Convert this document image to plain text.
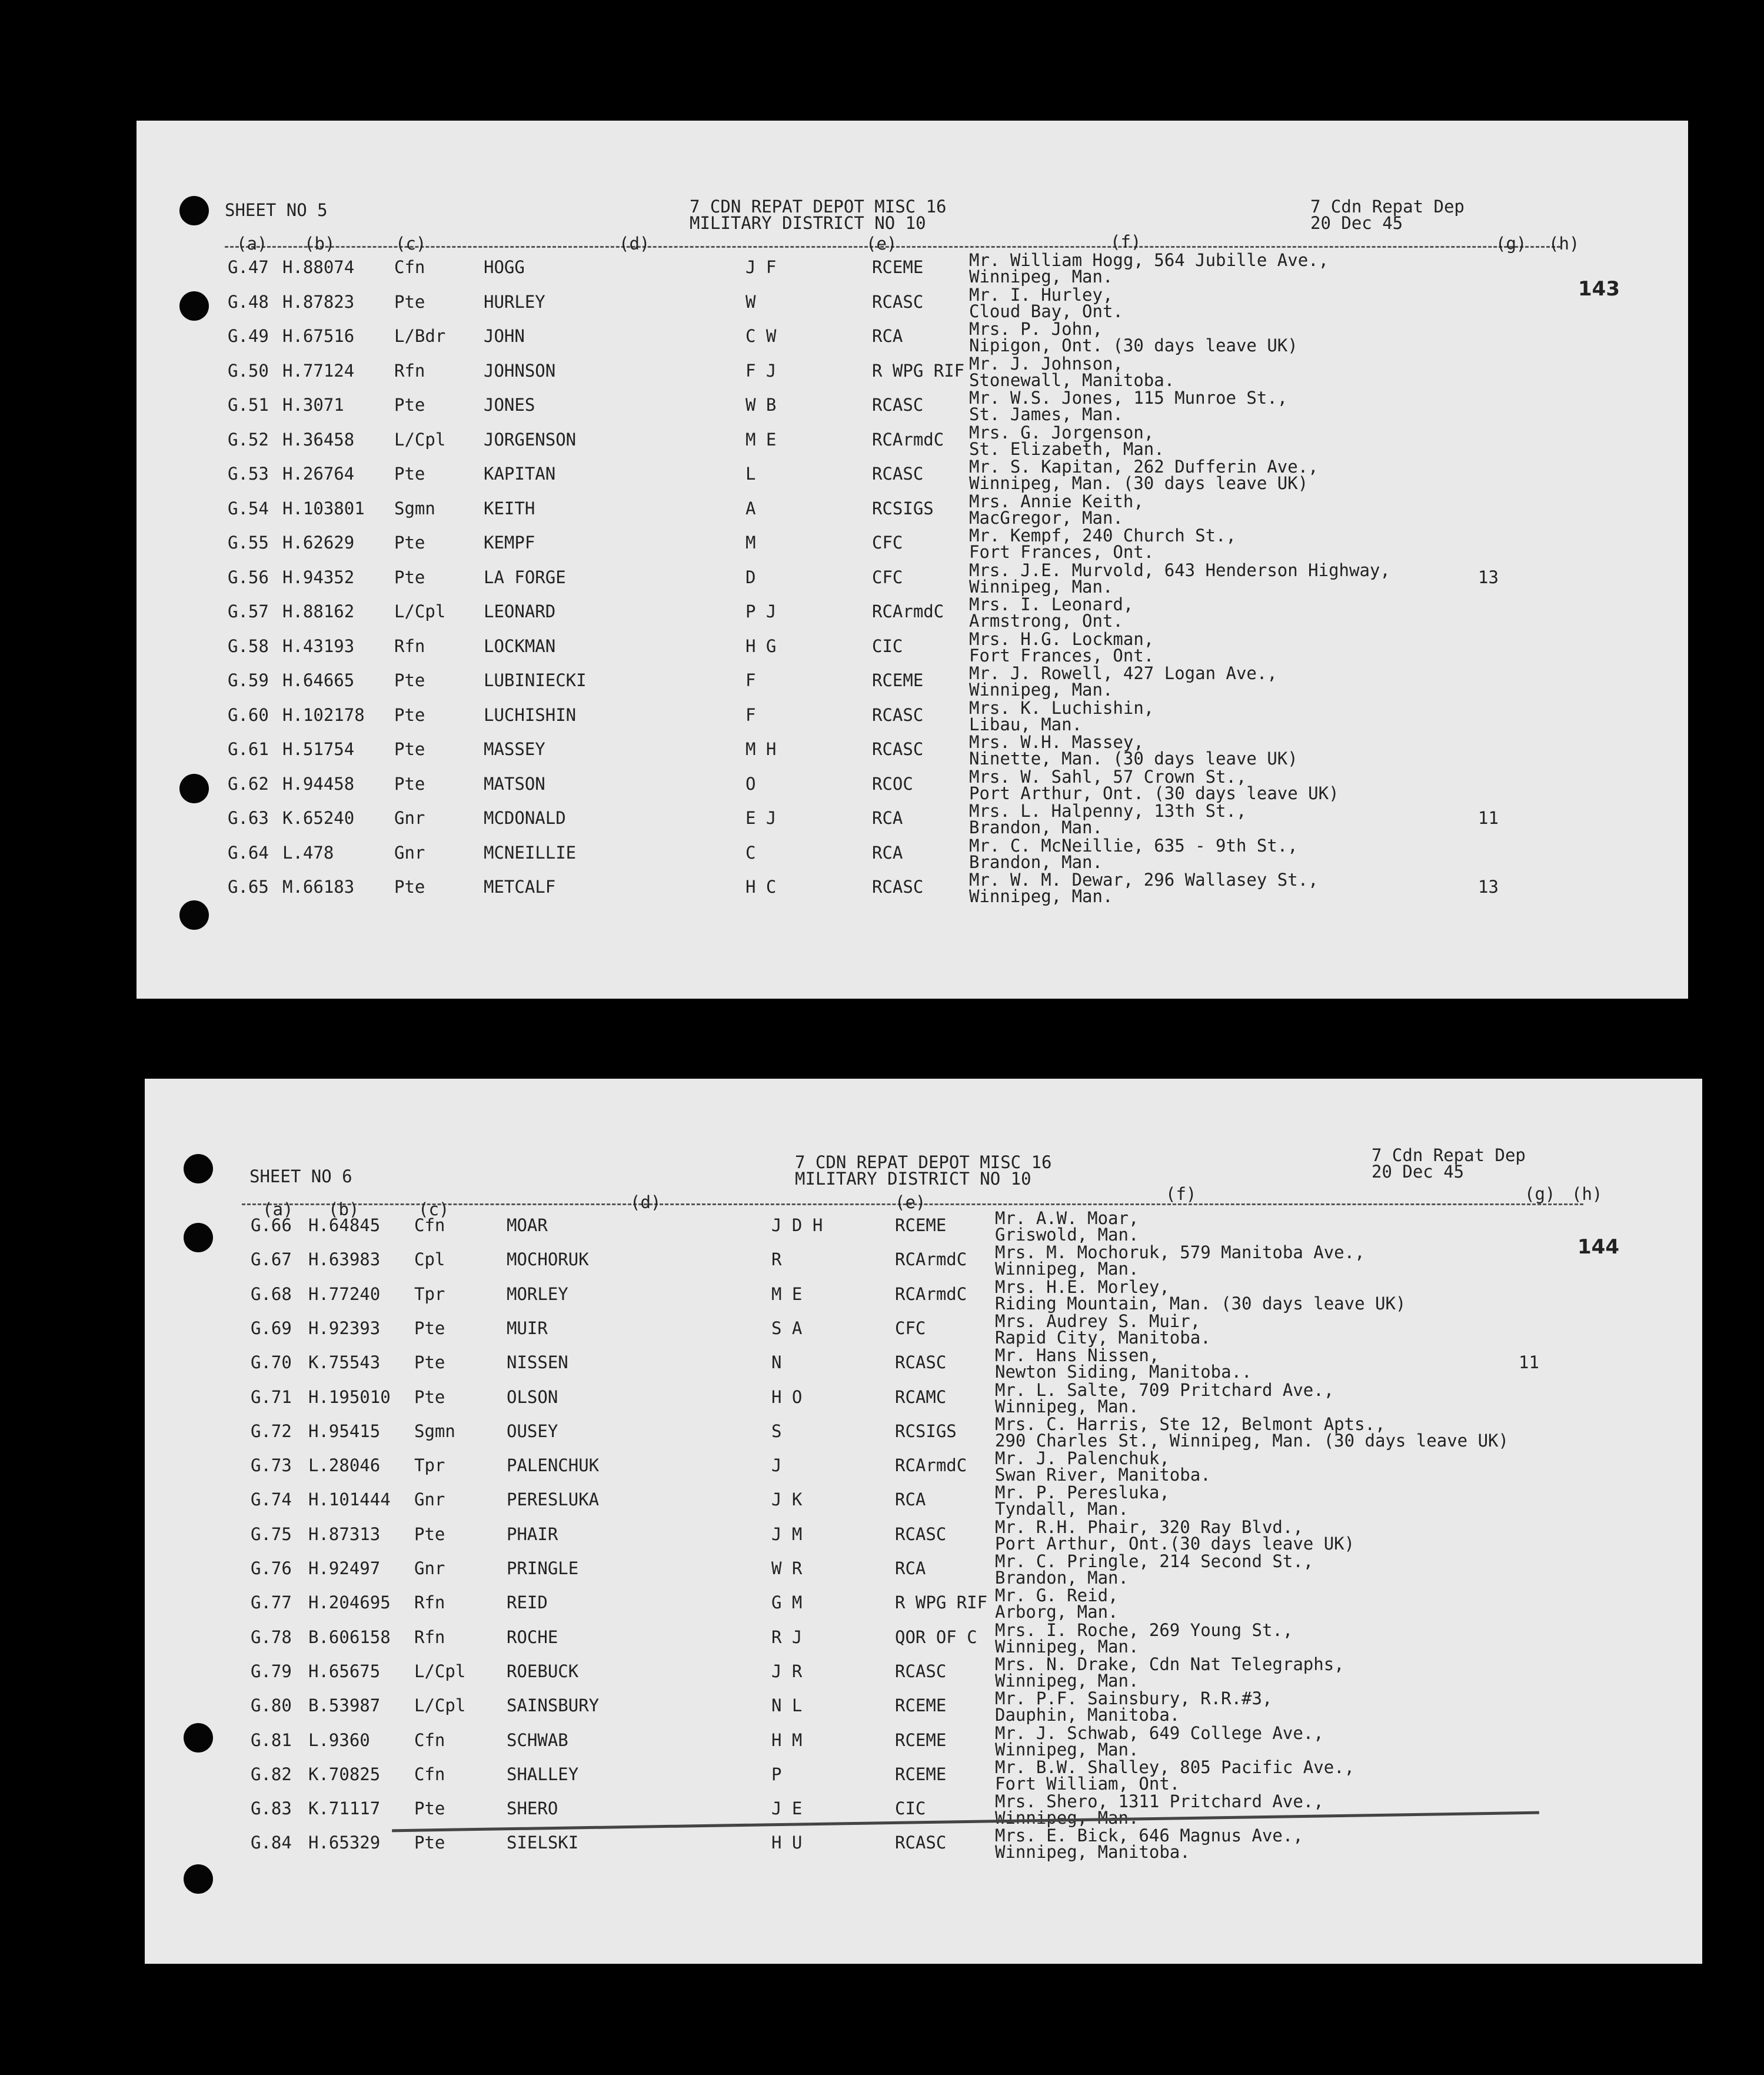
SHEET NO 5	7 CDN REPAT DEPOT MISC 16
MILITARY DISTRICT NO 10
7 Cdn Repat Dep
20 Dec 45
143
(a) (b)	(c)	(d)	(e)	(f)	(g) (h)
G.47 H.88074 Cfn	HOGG	J F	RCEME	Mr. William Hogg, 564 Jubille Ave.,
Winnipeg, Man.
G.48 H.87823 Pte	HURLEY	W	RCASC	Mr. I. Hurley,
Cloud Bay, Ont.
G.49 H.67516 L/Bdr JOHN	C W	RCA	Mrs. P. John,
Nipigon, Ont. (30 days leave UK)
G.50 H.77124 Rfn	JOHNSON	F J	R WPG RIF Mr. J. Johnson,
Stonewall, Manitoba.
G.51 H.3071	Pte	JONES	W B	RCASC	Mr. W.S. Jones, 115 Munroe St.,
St. James, Man.
G.52 H.36458 L/Cpl JORGENSON	M E	RCArmdC Mrs. G. Jorgenson,
St. Elizabeth, Man.
G.53 H.26764 Pte	KAPITAN	L	RCASC	Mr. S. Kapitan, 262 Dufferin Ave.,
Winnipeg, Man. (30 days leave UK)
G.54 H.103801 Sgmn	KEITH	A	RCSIGS Mrs. Annie Keith,
MacGregor, Man.
G.55 H.62629 Pte	KEMPF	M	CFC	Mr. Kempf, 240 Church St.,
Fort Frances, Ont.
G.56 H.94352 Pte	LA FORGE	D	CFC	Mrs. J.E. Murvold, 643 Henderson Highway,
Winnipeg, Man.	13
G.57 H.88162 L/Cpl LEONARD	P J	RCArmdC Mrs. I. Leonard,
Armstrong, Ont.
G.58 H.43193 Rfn	LOCKMAN	H G	CIC	Mrs. H.G. Lockman,
Fort Frances, Ont.
G.59 H.64665 Pte	LUBINIECKI	F	RCEME	Mr. J. Rowell, 427 Logan Ave.,
Winnipeg, Man.
G.60 H.102178 Pte	LUCHISHIN	F	RCASC	Mrs. K. Luchishin,
Libau, Man.
G.61 H.51754 Pte	MASSEY	M H	RCASC	Mrs. W.H. Massey,
Ninette, Man. (30 days leave UK)
G.62 H.94458 Pte	MATSON	O	RCOC	Mrs. W. Sahl, 57 Crown St.,
Port Arthur, Ont. (30 days leave UK)
G.63 K.65240 Gnr	MCDONALD	E J	RCA	Mrs. L. Halpenny, 13th St.,
Brandon, Man.	11
G.64 L.478	Gnr	MCNEILLIE	C	RCA	Mr. C. McNeillie, 635 - 9th St.,
Brandon, Man.
G.65 M.66183 Pte	METCALF	H C	RCASC	Mr. W. M. Dewar, 296 Wallasey St.,
Winnipeg, Man.	13
SHEET NO 6
7 CDN REPAT DEPOT MISC 16
MILITARY DISTRICT NO 10
7 Cdn Repat Dep
20 Dec 45
144
(a) (b)	(c)	(d)	(e)	(f)	(g) (h)
G.66 H.64845 Cfn	MOAR	J D H	RCEME	Mr. A.W. Moar,
Griswold, Man.
G.67 H.63983 Cpl	MOCHORUK	R	RCArmdC Mrs. M. Mochoruk, 579 Manitoba Ave.,
Winnipeg, Man.
G.68 H.77240 Tpr	MORLEY	M E	RCArmdC Mrs. H.E. Morley,
Riding Mountain, Man. (30 days leave UK)
G.69 H.92393 Pte	MUIR	S A	CFC	Mrs. Audrey S. Muir,
Rapid City, Manitoba.
G.70 K.75543 Pte	NISSEN	N	RCASC	Mr. Hans Nissen,
Newton Siding, Manitoba..	11
G.71 H.195010 Pte	OLSON	H O	RCAMC	Mr. L. Salte, 709 Pritchard Ave.,
Winnipeg, Man.
G.72 H.95415 Sgmn	OUSEY	S	RCSIGS Mrs. C. Harris, Ste 12, Belmont Apts.,
290 Charles St., Winnipeg, Man. (30 days leave UK)
G.73 L.28046 Tpr	PALENCHUK	J	RCArmdC Mr. J. Palenchuk,
Swan River, Manitoba.
G.74 H.101444 Gnr	PERESLUKA	J K	RCA	Mr. P. Peresluka,
Tyndall, Man.
G.75 H.87313 Pte	PHAIR	J M	RCASC	Mr. R.H. Phair, 320 Ray Blvd.,
Port Arthur, Ont.(30 days leave UK)
G.76 H.92497 Gnr	PRINGLE	W R	RCA	Mr. C. Pringle, 214 Second St.,
Brandon, Man.
G.77 H.204695 Rfn	REID	G M	R WPG RIF Mr. G. Reid,
Arborg, Man.
G.78 B.606158 Rfn	ROCHE	R J	QOR OF C Mrs. I. Roche, 269 Young St.,
Winnipeg, Man.
G.79 H.65675 L/Cpl ROEBUCK	J R	RCASC	Mrs. N. Drake, Cdn Nat Telegraphs,
Winnipeg, Man.
G.80 B.53987 L/Cpl SAINSBURY	N L	RCEME	Mr. P.F. Sainsbury, R.R.#3,
Dauphin, Manitoba.
G.81 L.9360	Cfn	SCHWAB	H M	RCEME	Mr. J. Schwab, 649 College Ave.,
Winnipeg, Man.
G.82 K.70825 Cfn	SHALLEY	P	RCEME	Mr. B.W. Shalley, 805 Pacific Ave.,
Fort William, Ont.
G.83 K.71117 Pte	SHERO	J E	CIC	Mrs. Shero, 1311 Pritchard Ave.,
Winnipeg, Man.
G.84 H.65329 Pte	SIELSKI	H U	RCASC	Mrs. E. Bick, 646 Magnus Ave.,
Winnipeg, Manitoba.
